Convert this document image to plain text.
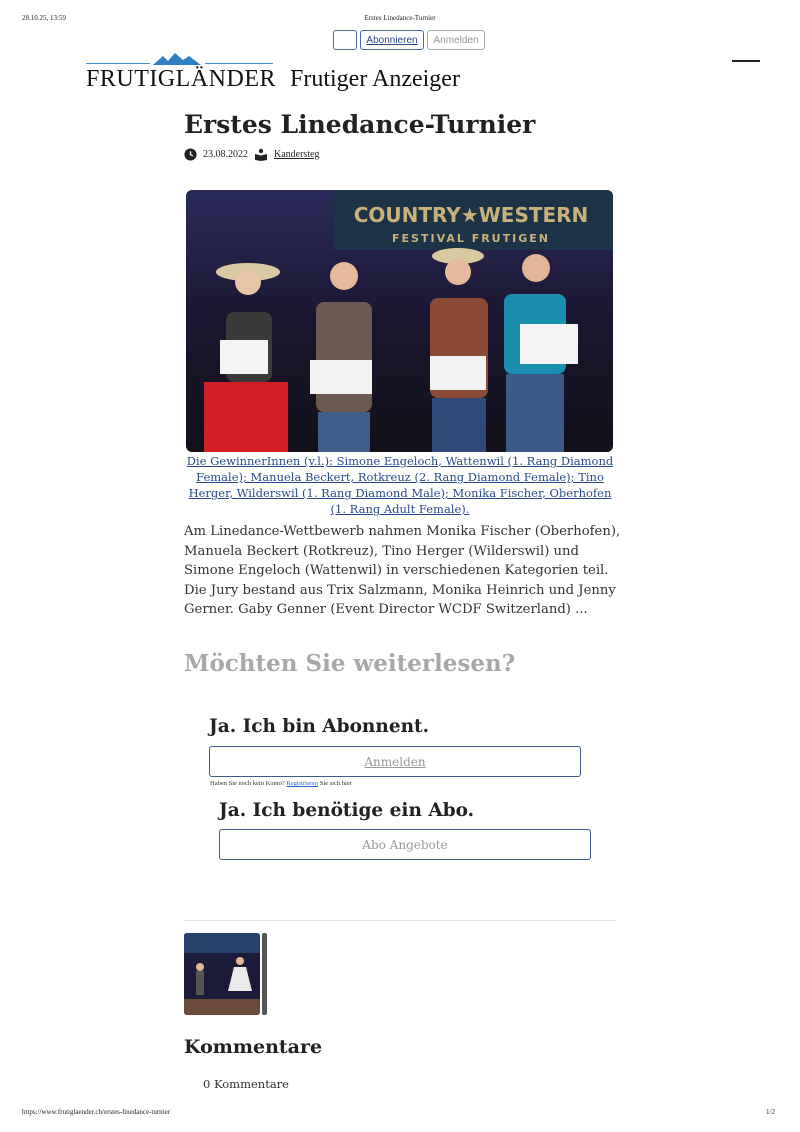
28.10.25, 13:59	Erstes Linedance-Turnier
Abonnieren	Anmelden
FRUTIGLÄNDER Frutiger Anzeiger
Erstes Linedance-Turnier
23.08.2022	Kandersteg
COUNTRY★WESTERN
FESTIVAL FRUTIGEN
Die GewinnerInnen (v.l.): Simone Engeloch, Wattenwil (1. Rang Diamond Female); Manuela Beckert, Rotkreuz (2. Rang Diamond Female); Tino Herger, Wilderswil (1. Rang Diamond Male); Monika Fischer, Oberhofen (1. Rang Adult Female).
Am Linedance-Wettbewerb nahmen Monika Fischer (Oberhofen), Manuela Beckert (Rotkreuz), Tino Herger (Wilderswil) und Simone Engeloch (Wattenwil) in verschiedenen Kategorien teil. Die Jury bestand aus Trix Salzmann, Monika Heinrich und Jenny Gerner. Gaby Genner (Event Director WCDF Switzerland) ...
Möchten Sie weiterlesen?
Ja. Ich bin Abonnent.
Anmelden
Haben Sie noch kein Konto? Registrieren Sie sich hier
Ja. Ich benötige ein Abo.
Abo Angebote
Kommentare
0 Kommentare
https://www.frutiglaender.ch/erstes-linedance-turnier	1/2
